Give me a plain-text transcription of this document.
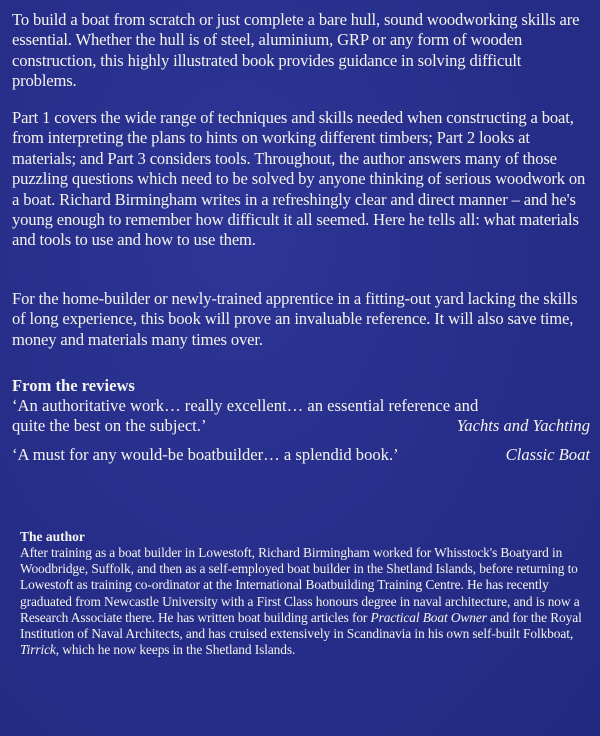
To build a boat from scratch or just complete a bare hull, sound woodworking skills are essential. Whether the hull is of steel, aluminium, GRP or any form of wooden construction, this highly illustrated book provides guidance in solving difficult problems.

Part 1 covers the wide range of techniques and skills needed when constructing a boat, from interpreting the plans to hints on working different timbers; Part 2 looks at materials; and Part 3 considers tools. Throughout, the author answers many of those puzzling questions which need to be solved by anyone thinking of serious woodwork on a boat. Richard Birmingham writes in a refreshingly clear and direct manner – and he's young enough to remember how difficult it all seemed. Here he tells all: what materials and tools to use and how to use them.

For the home-builder or newly-trained apprentice in a fitting-out yard lacking the skills of long experience, this book will prove an invaluable reference. It will also save time, money and materials many times over.

From the reviews

‘An authoritative work… really excellent… an essential reference and
quite the best on the subject.’	Yachts and Yachting
‘A must for any would-be boatbuilder… a splendid book.’	Classic Boat

The author

After training as a boat builder in Lowestoft, Richard Birmingham worked for Whisstock's Boatyard in Woodbridge, Suffolk, and then as a self-employed boat builder in the Shetland Islands, before returning to Lowestoft as training co-ordinator at the International Boatbuilding Training Centre. He has recently graduated from Newcastle University with a First Class honours degree in naval architecture, and is now a Research Associate there. He has written boat building articles for Practical Boat Owner and for the Royal Institution of Naval Architects, and has cruised extensively in Scandinavia in his own self-built Folkboat, Tirrick, which he now keeps in the Shetland Islands.
